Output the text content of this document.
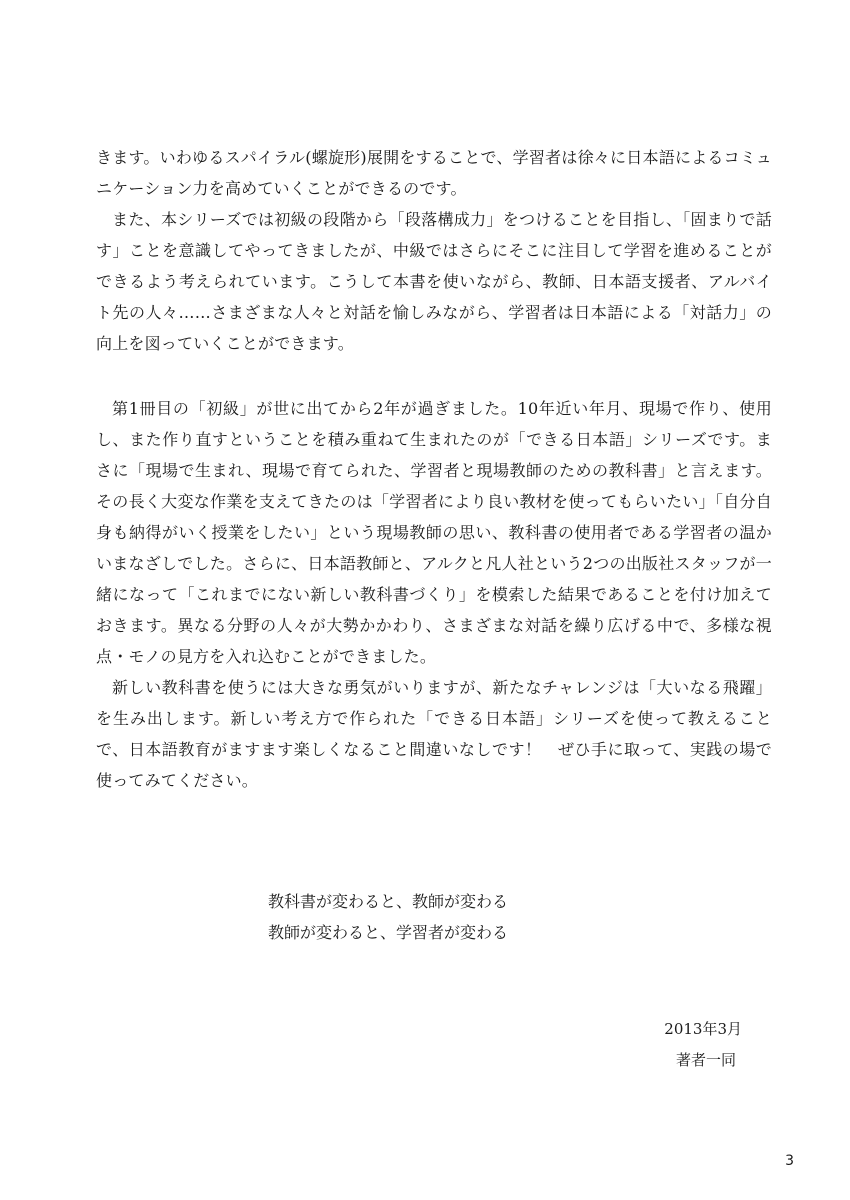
きます。いわゆるスパイラル(螺旋形)展開をすることで、学習者は徐々に日本語によるコミュニケーション力を高めていくことができるのです。

また、本シリーズでは初級の段階から「段落構成力」をつけることを目指し、「固まりで話す」ことを意識してやってきましたが、中級ではさらにそこに注目して学習を進めることができるよう考えられています。こうして本書を使いながら、教師、日本語支援者、アルバイト先の人々……さまざまな人々と対話を愉しみながら、学習者は日本語による「対話力」の向上を図っていくことができます。

第1冊目の「初級」が世に出てから2年が過ぎました。10年近い年月、現場で作り、使用し、また作り直すということを積み重ねて生まれたのが「できる日本語」シリーズです。まさに「現場で生まれ、現場で育てられた、学習者と現場教師のための教科書」と言えます。その長く大変な作業を支えてきたのは「学習者により良い教材を使ってもらいたい」「自分自身も納得がいく授業をしたい」という現場教師の思い、教科書の使用者である学習者の温かいまなざしでした。さらに、日本語教師と、アルクと凡人社という2つの出版社スタッフが一緒になって「これまでにない新しい教科書づくり」を模索した結果であることを付け加えておきます。異なる分野の人々が大勢かかわり、さまざまな対話を繰り広げる中で、多様な視点・モノの見方を入れ込むことができました。

新しい教科書を使うには大きな勇気がいりますが、新たなチャレンジは「大いなる飛躍」を生み出します。新しい考え方で作られた「できる日本語」シリーズを使って教えることで、日本語教育がますます楽しくなること間違いなしです！　ぜひ手に取って、実践の場で使ってみてください。

教科書が変わると、教師が変わる
教師が変わると、学習者が変わる
2013年3月
著者一同
3
